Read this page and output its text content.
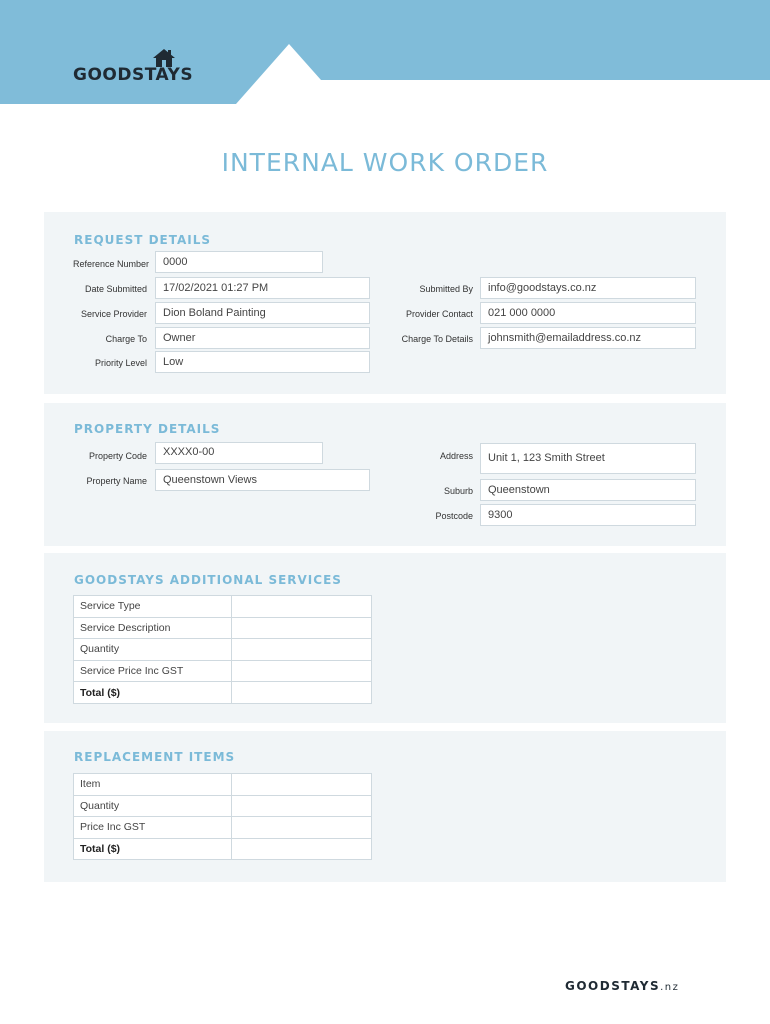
GOODSTAYS
INTERNAL WORK ORDER
REQUEST DETAILS
Reference Number	0000
Date Submitted	17/02/2021 01:27 PM
Service Provider	Dion Boland Painting
Charge To	Owner
Priority Level	Low
Submitted By	info@goodstays.co.nz
Provider Contact	021 000 0000
Charge To Details	johnsmith@emailaddress.co.nz
PROPERTY DETAILS
Property Code	XXXX0-00
Property Name	Queenstown Views
Address	Unit 1, 123 Smith Street
Suburb	Queenstown
Postcode	9300
GOODSTAYS ADDITIONAL SERVICES
Service Type	
Service Description	
Quantity	
Service Price Inc GST	
Total ($)	
REPLACEMENT ITEMS
Item	
Quantity	
Price Inc GST	
Total ($)	
GOODSTAYS.nz
